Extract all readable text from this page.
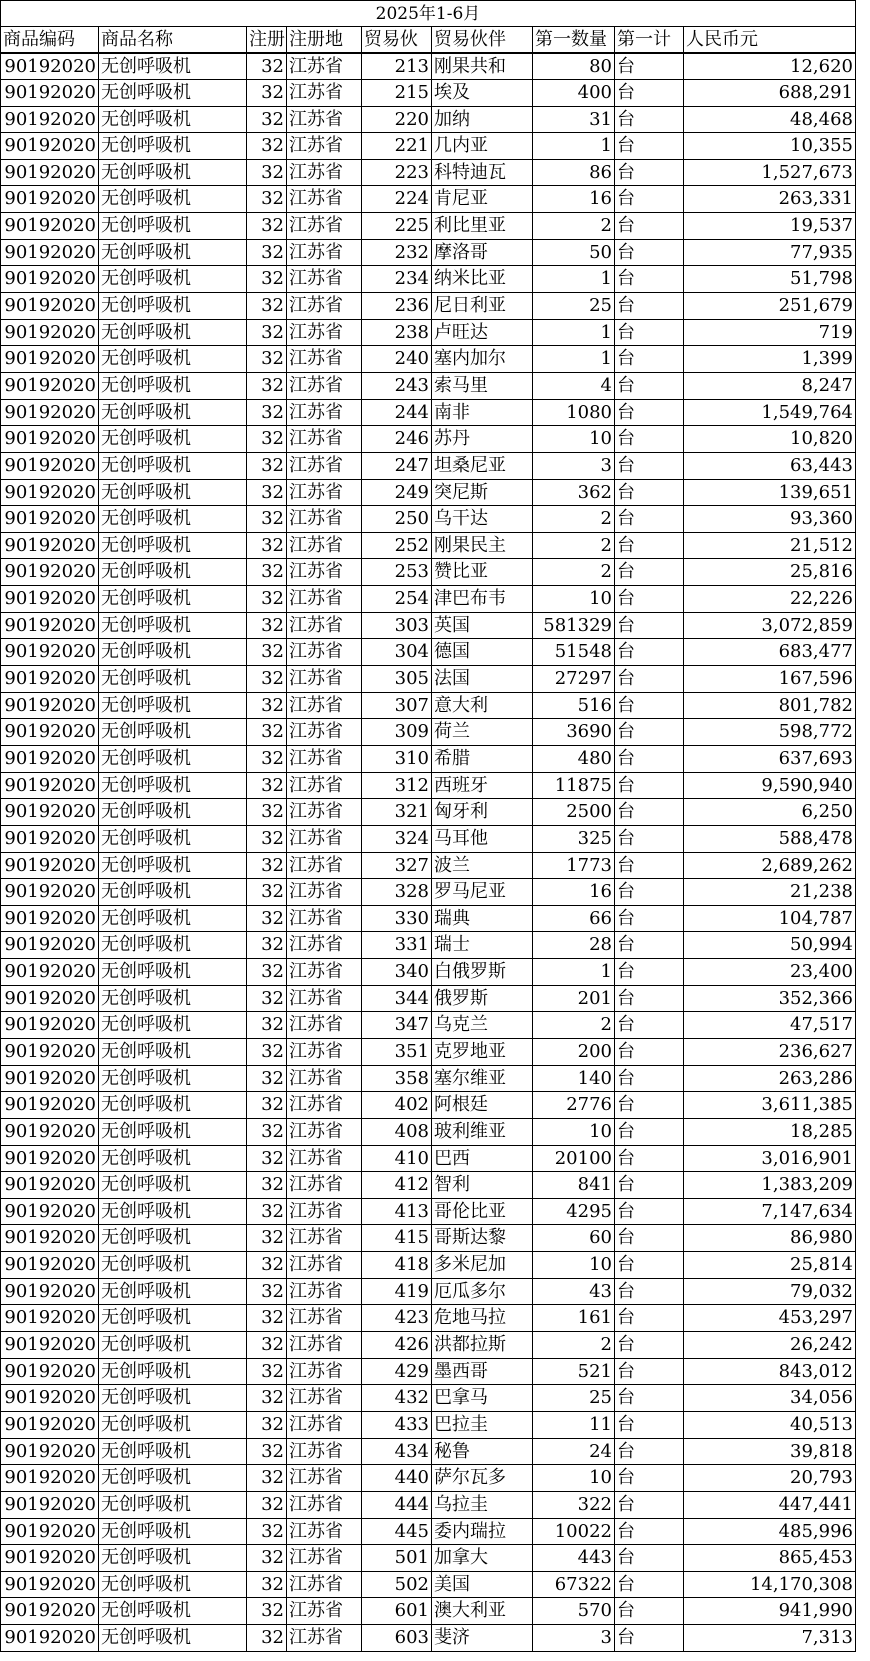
2025年1-6月
商品编码	商品名称	注册 注册地	贸易伙 贸易伙伴	第一数量 第一计 人民币元
90192020 无创呼吸机	32 江苏省	213 刚果共和	80 台	12,620
90192020 无创呼吸机	32 江苏省	215 埃及	400 台	688,291
90192020 无创呼吸机	32 江苏省	220 加纳	31 台	48,468
90192020 无创呼吸机	32 江苏省	221 几内亚	1 台	10,355
90192020 无创呼吸机	32 江苏省	223 科特迪瓦	86 台	1,527,673
90192020 无创呼吸机	32 江苏省	224 肯尼亚	16 台	263,331
90192020 无创呼吸机	32 江苏省	225 利比里亚	2 台	19,537
90192020 无创呼吸机	32 江苏省	232 摩洛哥	50 台	77,935
90192020 无创呼吸机	32 江苏省	234 纳米比亚	1 台	51,798
90192020 无创呼吸机	32 江苏省	236 尼日利亚	25 台	251,679
90192020 无创呼吸机	32 江苏省	238 卢旺达	1 台	719
90192020 无创呼吸机	32 江苏省	240 塞内加尔	1 台	1,399
90192020 无创呼吸机	32 江苏省	243 索马里	4 台	8,247
90192020 无创呼吸机	32 江苏省	244 南非	1080 台	1,549,764
90192020 无创呼吸机	32 江苏省	246 苏丹	10 台	10,820
90192020 无创呼吸机	32 江苏省	247 坦桑尼亚	3 台	63,443
90192020 无创呼吸机	32 江苏省	249 突尼斯	362 台	139,651
90192020 无创呼吸机	32 江苏省	250 乌干达	2 台	93,360
90192020 无创呼吸机	32 江苏省	252 刚果民主	2 台	21,512
90192020 无创呼吸机	32 江苏省	253 赞比亚	2 台	25,816
90192020 无创呼吸机	32 江苏省	254 津巴布韦	10 台	22,226
90192020 无创呼吸机	32 江苏省	303 英国	581329 台	3,072,859
90192020 无创呼吸机	32 江苏省	304 德国	51548 台	683,477
90192020 无创呼吸机	32 江苏省	305 法国	27297 台	167,596
90192020 无创呼吸机	32 江苏省	307 意大利	516 台	801,782
90192020 无创呼吸机	32 江苏省	309 荷兰	3690 台	598,772
90192020 无创呼吸机	32 江苏省	310 希腊	480 台	637,693
90192020 无创呼吸机	32 江苏省	312 西班牙	11875 台	9,590,940
90192020 无创呼吸机	32 江苏省	321 匈牙利	2500 台	6,250
90192020 无创呼吸机	32 江苏省	324 马耳他	325 台	588,478
90192020 无创呼吸机	32 江苏省	327 波兰	1773 台	2,689,262
90192020 无创呼吸机	32 江苏省	328 罗马尼亚	16 台	21,238
90192020 无创呼吸机	32 江苏省	330 瑞典	66 台	104,787
90192020 无创呼吸机	32 江苏省	331 瑞士	28 台	50,994
90192020 无创呼吸机	32 江苏省	340 白俄罗斯	1 台	23,400
90192020 无创呼吸机	32 江苏省	344 俄罗斯	201 台	352,366
90192020 无创呼吸机	32 江苏省	347 乌克兰	2 台	47,517
90192020 无创呼吸机	32 江苏省	351 克罗地亚	200 台	236,627
90192020 无创呼吸机	32 江苏省	358 塞尔维亚	140 台	263,286
90192020 无创呼吸机	32 江苏省	402 阿根廷	2776 台	3,611,385
90192020 无创呼吸机	32 江苏省	408 玻利维亚	10 台	18,285
90192020 无创呼吸机	32 江苏省	410 巴西	20100 台	3,016,901
90192020 无创呼吸机	32 江苏省	412 智利	841 台	1,383,209
90192020 无创呼吸机	32 江苏省	413 哥伦比亚	4295 台	7,147,634
90192020 无创呼吸机	32 江苏省	415 哥斯达黎	60 台	86,980
90192020 无创呼吸机	32 江苏省	418 多米尼加	10 台	25,814
90192020 无创呼吸机	32 江苏省	419 厄瓜多尔	43 台	79,032
90192020 无创呼吸机	32 江苏省	423 危地马拉	161 台	453,297
90192020 无创呼吸机	32 江苏省	426 洪都拉斯	2 台	26,242
90192020 无创呼吸机	32 江苏省	429 墨西哥	521 台	843,012
90192020 无创呼吸机	32 江苏省	432 巴拿马	25 台	34,056
90192020 无创呼吸机	32 江苏省	433 巴拉圭	11 台	40,513
90192020 无创呼吸机	32 江苏省	434 秘鲁	24 台	39,818
90192020 无创呼吸机	32 江苏省	440 萨尔瓦多	10 台	20,793
90192020 无创呼吸机	32 江苏省	444 乌拉圭	322 台	447,441
90192020 无创呼吸机	32 江苏省	445 委内瑞拉	10022 台	485,996
90192020 无创呼吸机	32 江苏省	501 加拿大	443 台	865,453
90192020 无创呼吸机	32 江苏省	502 美国	67322 台	14,170,308
90192020 无创呼吸机	32 江苏省	601 澳大利亚	570 台	941,990
90192020 无创呼吸机	32 江苏省	603 斐济	3 台	7,313
